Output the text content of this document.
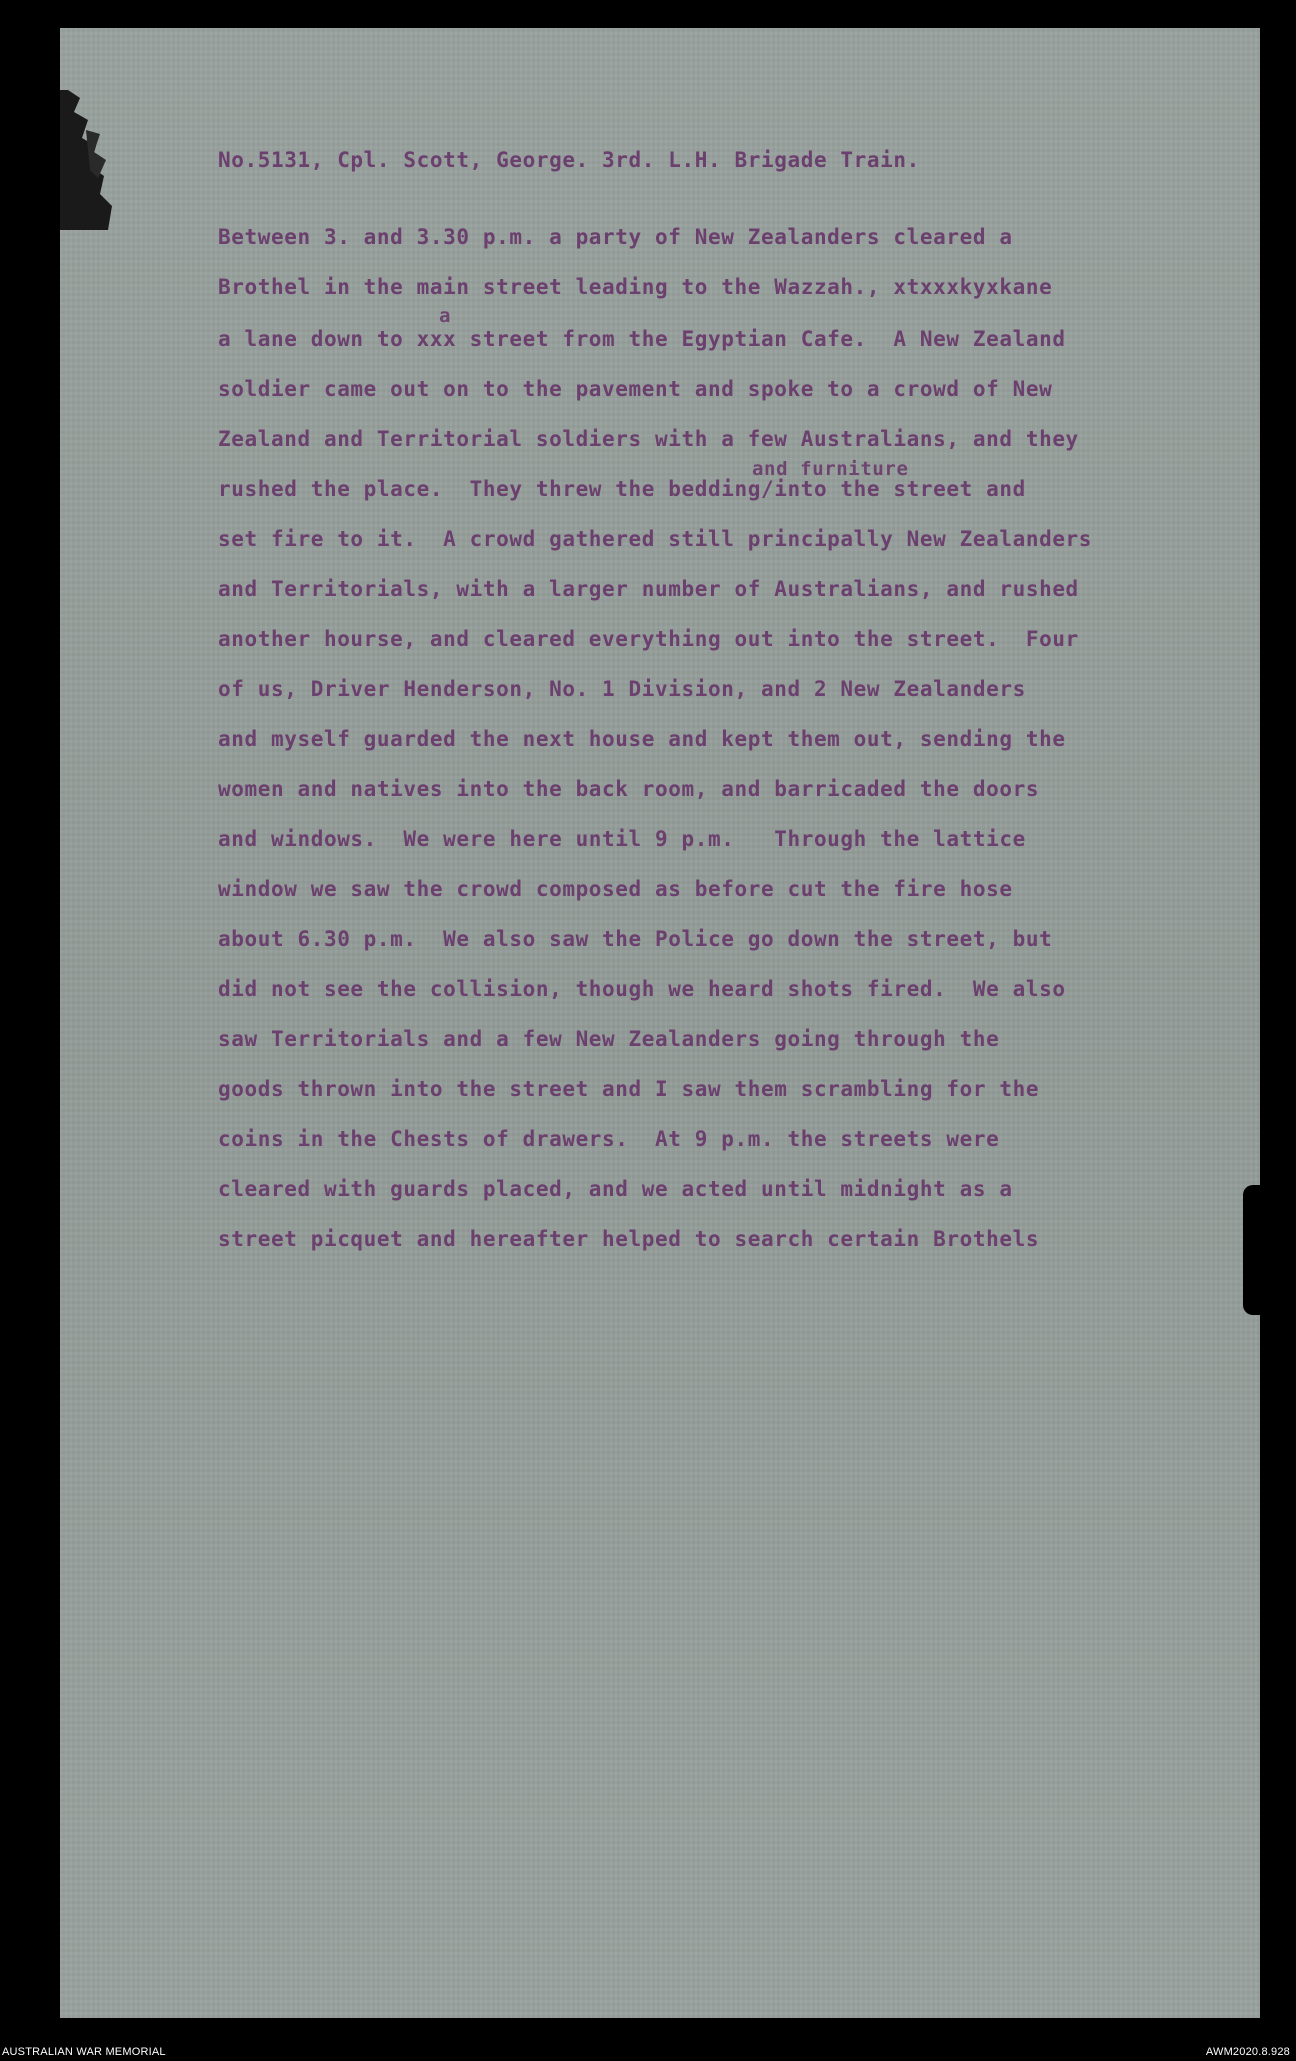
No.5131, Cpl. Scott, George. 3rd. L.H. Brigade Train.
Between 3. and 3.30 p.m. a party of New Zealanders cleared a
Brothel in the main street leading to the Wazzah., xtxxxkyxkane
a
a lane down to xxx street from the Egyptian Cafe.  A New Zealand
soldier came out on to the pavement and spoke to a crowd of New
Zealand and Territorial soldiers with a few Australians, and they
and furniture
rushed the place.  They threw the bedding/into the street and
set fire to it.  A crowd gathered still principally New Zealanders
and Territorials, with a larger number of Australians, and rushed
another hourse, and cleared everything out into the street.  Four
of us, Driver Henderson, No. 1 Division, and 2 New Zealanders
and myself guarded the next house and kept them out, sending the
women and natives into the back room, and barricaded the doors
and windows.  We were here until 9 p.m.   Through the lattice
window we saw the crowd composed as before cut the fire hose
about 6.30 p.m.  We also saw the Police go down the street, but
did not see the collision, though we heard shots fired.  We also
saw Territorials and a few New Zealanders going through the
goods thrown into the street and I saw them scrambling for the
coins in the Chests of drawers.  At 9 p.m. the streets were
cleared with guards placed, and we acted until midnight as a
street picquet and hereafter helped to search certain Brothels
AUSTRALIAN WAR MEMORIAL	AWM2020.8.928
